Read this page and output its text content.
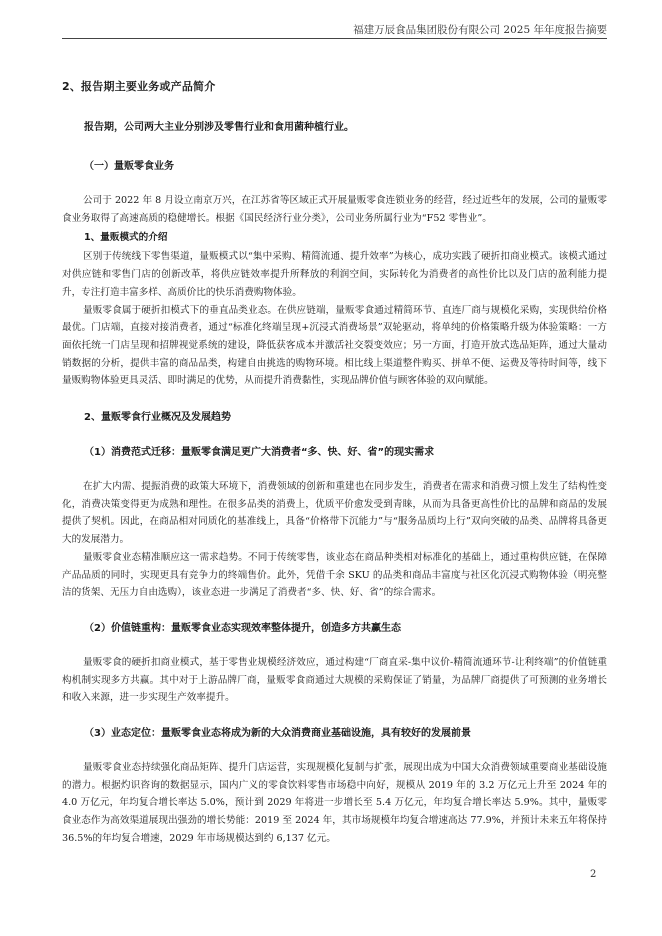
福建万辰食品集团股份有限公司 2025 年年度报告摘要
2、报告期主要业务或产品简介
报告期，公司两大主业分别涉及零售行业和食用菌种植行业。
（一）量贩零食业务

公司于 2022 年 8 月设立南京万兴，在江苏省等区域正式开展量贩零食连锁业务的经营，经过近些年的发展，公司的量贩零食业务取得了高速高质的稳健增长。根据《国民经济行业分类》，公司业务所属行业为“F52 零售业”。

1、量贩模式的介绍

区别于传统线下零售渠道，量贩模式以“集中采购、精简流通、提升效率”为核心，成功实践了硬折扣商业模式。该模式通过对供应链和零售门店的创新改革，将供应链效率提升所释放的利润空间，实际转化为消费者的高性价比以及门店的盈利能力提升，专注打造丰富多样、高质价比的快乐消费购物体验。

量贩零食属于硬折扣模式下的垂直品类业态。在供应链端，量贩零食通过精简环节、直连厂商与规模化采购，实现供给价格最优。门店端，直接对接消费者，通过“标准化终端呈现+沉浸式消费场景”双轮驱动，将单纯的价格策略升级为体验策略：一方面依托统一门店呈现和招牌视觉系统的建设，降低获客成本并激活社交裂变效应；另一方面，打造开放式选品矩阵，通过大量动销数据的分析，提供丰富的商品品类，构建自由挑选的购物环境。相比线上渠道整件购买、拼单不便、运费及等待时间等，线下量贩购物体验更具灵活、即时满足的优势，从而提升消费黏性，实现品牌价值与顾客体验的双向赋能。

2、量贩零食行业概况及发展趋势
（1）消费范式迁移：量贩零食满足更广大消费者“多、快、好、省”的现实需求

在扩大内需、提振消费的政策大环境下，消费领域的创新和重建也在同步发生，消费者在需求和消费习惯上发生了结构性变化，消费决策变得更为成熟和理性。在很多品类的消费上，优质平价愈发受到青睐，从而为具备更高性价比的品牌和商品的发展提供了契机。因此，在商品相对同质化的基准线上，具备“价格带下沉能力”与“服务品质均上行”双向突破的品类、品牌将具备更大的发展潜力。

量贩零食业态精准顺应这一需求趋势。不同于传统零售，该业态在商品种类相对标准化的基础上，通过重构供应链，在保障产品品质的同时，实现更具有竞争力的终端售价。此外，凭借千余 SKU 的品类和商品丰富度与社区化沉浸式购物体验（明亮整洁的货架、无压力自由选购），该业态进一步满足了消费者“多、快、好、省”的综合需求。

（2）价值链重构：量贩零食业态实现效率整体提升，创造多方共赢生态

量贩零食的硬折扣商业模式，基于零售业规模经济效应，通过构建“厂商直采-集中议价-精简流通环节-让利终端”的价值链重构机制实现多方共赢。其中对于上游品牌厂商，量贩零食商通过大规模的采购保证了销量，为品牌厂商提供了可预测的业务增长和收入来源，进一步实现生产效率提升。

（3）业态定位：量贩零食业态将成为新的大众消费商业基础设施，具有较好的发展前景

量贩零食业态持续强化商品矩阵、提升门店运营，实现规模化复制与扩张，展现出成为中国大众消费领域重要商业基础设施的潜力。根据灼识咨询的数据显示，国内广义的零食饮料零售市场稳中向好，规模从 2019 年的 3.2 万亿元上升至 2024 年的 4.0 万亿元，年均复合增长率达 5.0%，预计到 2029 年将进一步增长至 5.4 万亿元，年均复合增长率达 5.9%。其中，量贩零食业态作为高效渠道展现出强劲的增长势能：2019 至 2024 年，其市场规模年均复合增速高达 77.9%，并预计未来五年将保持 36.5%的年均复合增速，2029 年市场规模达到约 6,137 亿元。

2
